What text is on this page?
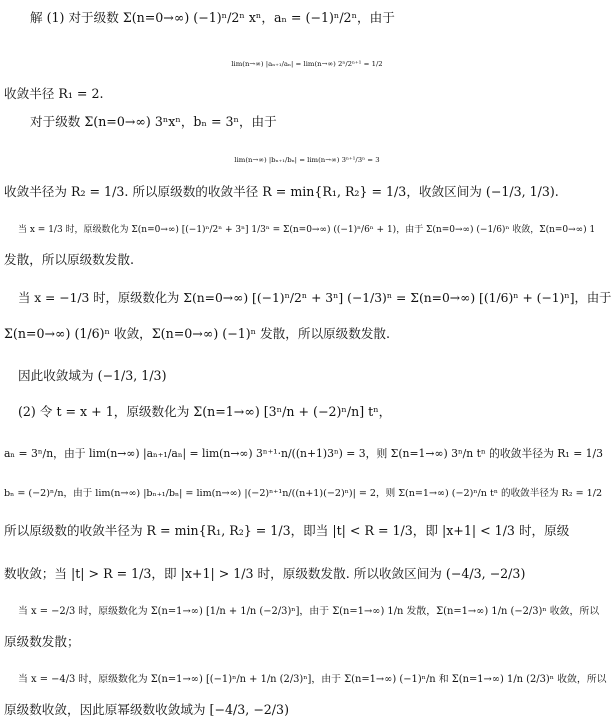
解 (1) 对于级数 Σ(n=0→∞) (−1)ⁿ/2ⁿ xⁿ，aₙ = (−1)ⁿ/2ⁿ，由于
lim(n→∞) |aₙ₊₁/aₙ| = lim(n→∞) 2ⁿ/2ⁿ⁺¹ = 1/2
收敛半径 R₁ = 2.
对于级数 Σ(n=0→∞) 3ⁿxⁿ，bₙ = 3ⁿ，由于
lim(n→∞) |bₙ₊₁/bₙ| = lim(n→∞) 3ⁿ⁺¹/3ⁿ = 3
收敛半径为 R₂ = 1/3. 所以原级数的收敛半径 R = min{R₁, R₂} = 1/3，收敛区间为 (−1/3, 1/3).
当 x = 1/3 时，原级数化为 Σ(n=0→∞) [(−1)ⁿ/2ⁿ + 3ⁿ] 1/3ⁿ = Σ(n=0→∞) ((−1)ⁿ/6ⁿ + 1)，由于 Σ(n=0→∞) (−1/6)ⁿ 收敛，Σ(n=0→∞) 1
发散，所以原级数发散.
当 x = −1/3 时，原级数化为 Σ(n=0→∞) [(−1)ⁿ/2ⁿ + 3ⁿ] (−1/3)ⁿ = Σ(n=0→∞) [(1/6)ⁿ + (−1)ⁿ]，由于
Σ(n=0→∞) (1/6)ⁿ 收敛，Σ(n=0→∞) (−1)ⁿ 发散，所以原级数发散.
因此收敛域为 (−1/3, 1/3)
(2) 令 t = x + 1，原级数化为 Σ(n=1→∞) [3ⁿ/n + (−2)ⁿ/n] tⁿ，
aₙ = 3ⁿ/n，由于 lim(n→∞) |aₙ₊₁/aₙ| = lim(n→∞) 3ⁿ⁺¹·n/((n+1)3ⁿ) = 3，则 Σ(n=1→∞) 3ⁿ/n tⁿ 的收敛半径为 R₁ = 1/3
bₙ = (−2)ⁿ/n，由于 lim(n→∞) |bₙ₊₁/bₙ| = lim(n→∞) |(−2)ⁿ⁺¹n/((n+1)(−2)ⁿ)| = 2，则 Σ(n=1→∞) (−2)ⁿ/n tⁿ 的收敛半径为 R₂ = 1/2
所以原级数的收敛半径为 R = min{R₁, R₂} = 1/3，即当 |t| < R = 1/3，即 |x+1| < 1/3 时，原级
数收敛；当 |t| > R = 1/3，即 |x+1| > 1/3 时，原级数发散. 所以收敛区间为 (−4/3, −2/3)
当 x = −2/3 时，原级数化为 Σ(n=1→∞) [1/n + 1/n (−2/3)ⁿ]，由于 Σ(n=1→∞) 1/n 发散，Σ(n=1→∞) 1/n (−2/3)ⁿ 收敛，所以
原级数发散；
当 x = −4/3 时，原级数化为 Σ(n=1→∞) [(−1)ⁿ/n + 1/n (2/3)ⁿ]，由于 Σ(n=1→∞) (−1)ⁿ/n 和 Σ(n=1→∞) 1/n (2/3)ⁿ 收敛，所以
原级数收敛，因此原幂级数收敛域为 [−4/3, −2/3)
